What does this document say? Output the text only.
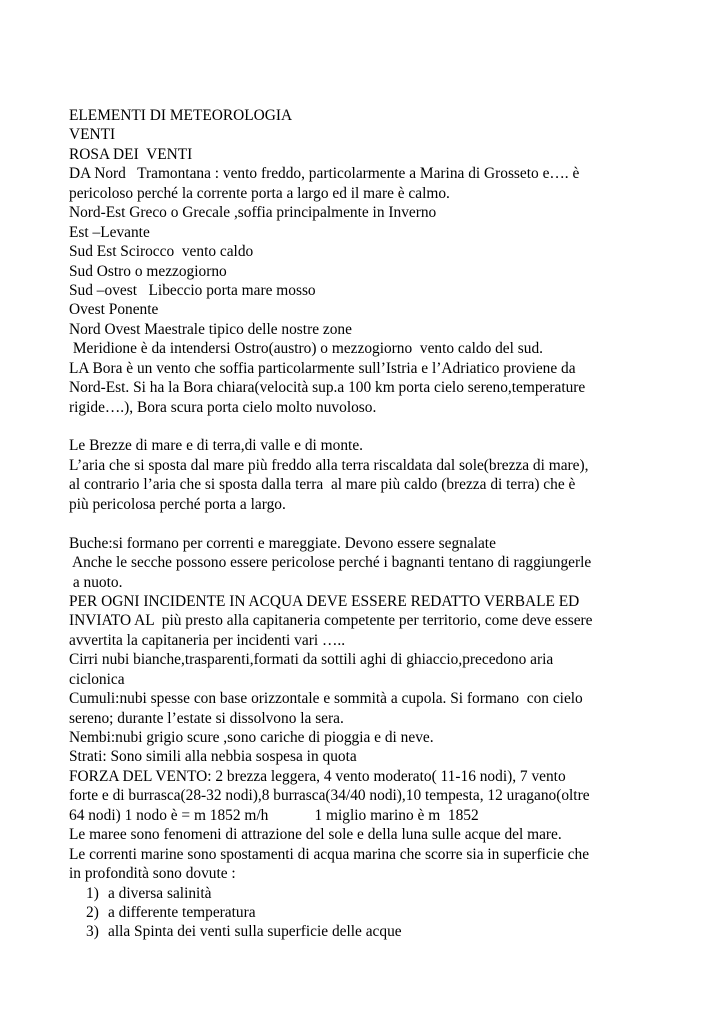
ELEMENTI DI METEOROLOGIA
VENTI
ROSA DEI  VENTI
DA Nord   Tramontana : vento freddo, particolarmente a Marina di Grosseto e…. è
pericoloso perché la corrente porta a largo ed il mare è calmo.
Nord-Est Greco o Grecale ,soffia principalmente in Inverno
Est –Levante
Sud Est Scirocco  vento caldo
Sud Ostro o mezzogiorno
Sud –ovest   Libeccio porta mare mosso
Ovest Ponente
Nord Ovest Maestrale tipico delle nostre zone
Meridione è da intendersi Ostro(austro) o mezzogiorno  vento caldo del sud.
LA Bora è un vento che soffia particolarmente sull’Istria e l’Adriatico proviene da
Nord-Est. Si ha la Bora chiara(velocità sup.a 100 km porta cielo sereno,temperature
rigide….), Bora scura porta cielo molto nuvoloso.
Le Brezze di mare e di terra,di valle e di monte.
L’aria che si sposta dal mare più freddo alla terra riscaldata dal sole(brezza di mare),
al contrario l’aria che si sposta dalla terra  al mare più caldo (brezza di terra) che è
più pericolosa perché porta a largo.
Buche:si formano per correnti e mareggiate. Devono essere segnalate
Anche le secche possono essere pericolose perché i bagnanti tentano di raggiungerle
a nuoto.
PER OGNI INCIDENTE IN ACQUA DEVE ESSERE REDATTO VERBALE ED
INVIATO AL  più presto alla capitaneria competente per territorio, come deve essere
avvertita la capitaneria per incidenti vari …..
Cirri nubi bianche,trasparenti,formati da sottili aghi di ghiaccio,precedono aria
ciclonica
Cumuli:nubi spesse con base orizzontale e sommità a cupola. Si formano  con cielo
sereno; durante l’estate si dissolvono la sera.
Nembi:nubi grigio scure ,sono cariche di pioggia e di neve.
Strati: Sono simili alla nebbia sospesa in quota
FORZA DEL VENTO: 2 brezza leggera, 4 vento moderato( 11-16 nodi), 7 vento
forte e di burrasca(28-32 nodi),8 burrasca(34/40 nodi),10 tempesta, 12 uragano(oltre
64 nodi) 1 nodo è = m 1852 m/h            1 miglio marino è m  1852
Le maree sono fenomeni di attrazione del sole e della luna sulle acque del mare.
Le correnti marine sono spostamenti di acqua marina che scorre sia in superficie che
in profondità sono dovute :
1) a diversa salinità
2) a differente temperatura
3) alla Spinta dei venti sulla superficie delle acque
